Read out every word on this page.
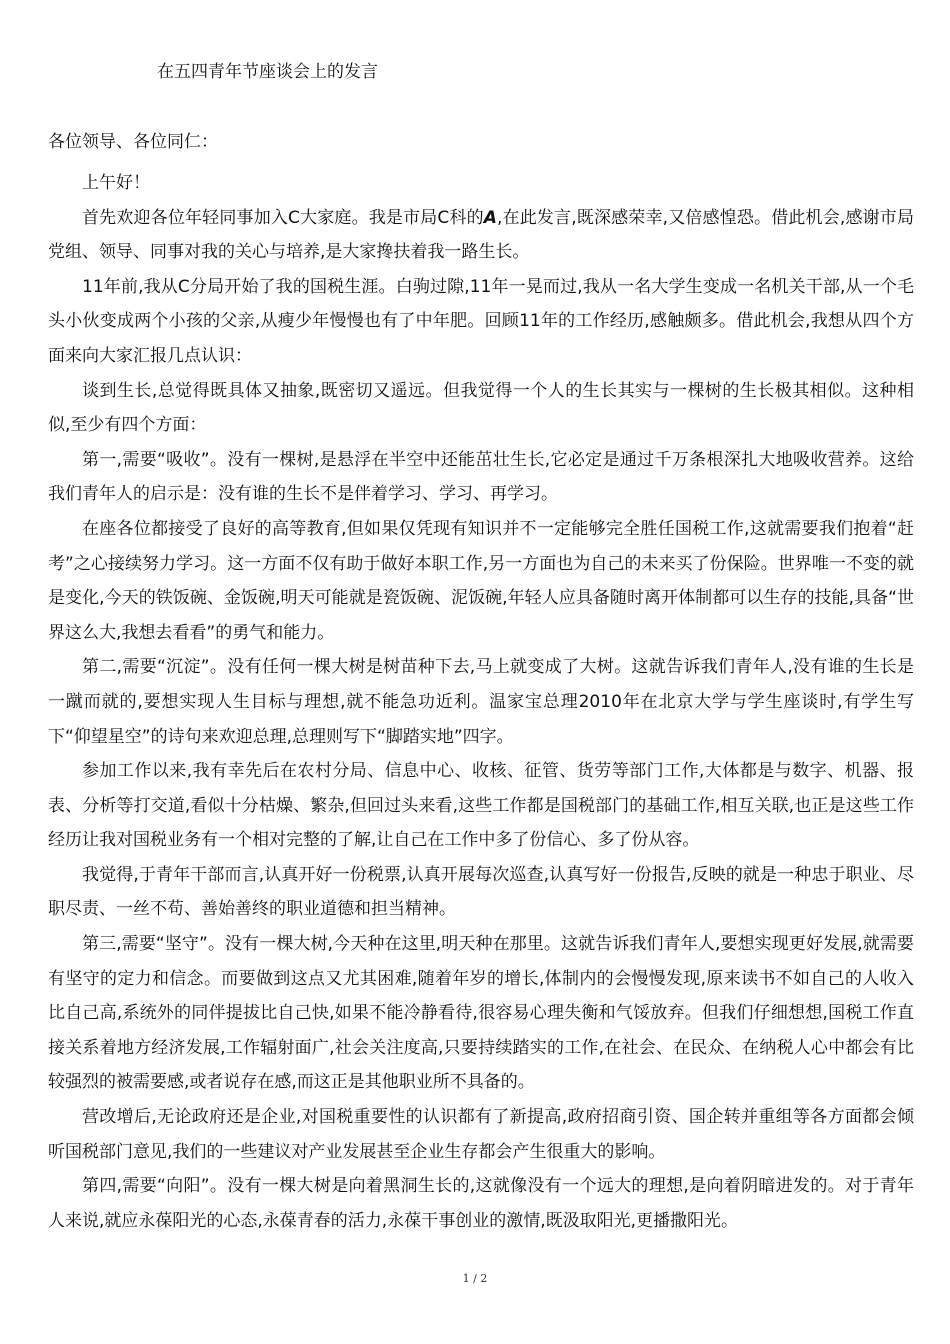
在五四青年节座谈会上的发言
各位领导、各位同仁：

上午好！

首先欢迎各位年轻同事加入C大家庭。我是市局C科的A,在此发言,既深感荣幸,又倍感惶恐。借此机会,感谢市局党组、领导、同事对我的关心与培养,是大家搀扶着我一路生长。

11年前,我从C分局开始了我的国税生涯。白驹过隙,11年一晃而过,我从一名大学生变成一名机关干部,从一个毛头小伙变成两个小孩的父亲,从瘦少年慢慢也有了中年肥。回顾11年的工作经历,感触颇多。借此机会,我想从四个方面来向大家汇报几点认识：

谈到生长,总觉得既具体又抽象,既密切又遥远。但我觉得一个人的生长其实与一棵树的生长极其相似。这种相似,至少有四个方面：

第一,需要“吸收”。没有一棵树,是悬浮在半空中还能茁壮生长,它必定是通过千万条根深扎大地吸收营养。这给我们青年人的启示是：没有谁的生长不是伴着学习、学习、再学习。

在座各位都接受了良好的高等教育,但如果仅凭现有知识并不一定能够完全胜任国税工作,这就需要我们抱着“赶考”之心接续努力学习。这一方面不仅有助于做好本职工作,另一方面也为自己的未来买了份保险。世界唯一不变的就是变化,今天的铁饭碗、金饭碗,明天可能就是瓷饭碗、泥饭碗,年轻人应具备随时离开体制都可以生存的技能,具备“世界这么大,我想去看看”的勇气和能力。

第二,需要“沉淀”。没有任何一棵大树是树苗种下去,马上就变成了大树。这就告诉我们青年人,没有谁的生长是一蹴而就的,要想实现人生目标与理想,就不能急功近利。温家宝总理2010年在北京大学与学生座谈时,有学生写下“仰望星空”的诗句来欢迎总理,总理则写下“脚踏实地”四字。

参加工作以来,我有幸先后在农村分局、信息中心、收核、征管、货劳等部门工作,大体都是与数字、机器、报表、分析等打交道,看似十分枯燥、繁杂,但回过头来看,这些工作都是国税部门的基础工作,相互关联,也正是这些工作经历让我对国税业务有一个相对完整的了解,让自己在工作中多了份信心、多了份从容。

我觉得,于青年干部而言,认真开好一份税票,认真开展每次巡查,认真写好一份报告,反映的就是一种忠于职业、尽职尽责、一丝不苟、善始善终的职业道德和担当精神。

第三,需要“坚守”。没有一棵大树,今天种在这里,明天种在那里。这就告诉我们青年人,要想实现更好发展,就需要有坚守的定力和信念。而要做到这点又尤其困难,随着年岁的增长,体制内的会慢慢发现,原来读书不如自己的人收入比自己高,系统外的同伴提拔比自己快,如果不能冷静看待,很容易心理失衡和气馁放弃。但我们仔细想想,国税工作直接关系着地方经济发展,工作辐射面广,社会关注度高,只要持续踏实的工作,在社会、在民众、在纳税人心中都会有比较强烈的被需要感,或者说存在感,而这正是其他职业所不具备的。

营改增后,无论政府还是企业,对国税重要性的认识都有了新提高,政府招商引资、国企转并重组等各方面都会倾听国税部门意见,我们的一些建议对产业发展甚至企业生存都会产生很重大的影响。

第四,需要“向阳”。没有一棵大树是向着黑洞生长的,这就像没有一个远大的理想,是向着阴暗进发的。对于青年人来说,就应永葆阳光的心态,永葆青春的活力,永葆干事创业的激情,既汲取阳光,更播撒阳光。

1 / 2
